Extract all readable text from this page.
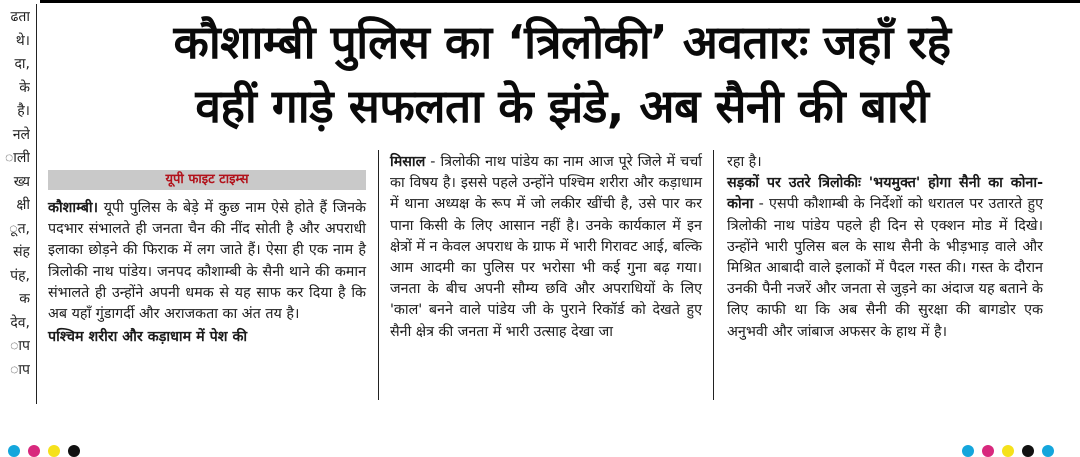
ढता
थे।
दा,
के
है।
नले
ाली
ख्य
क्षी
ूत,
संह
पंह,
क
देव,
ाप
ाप
कौशाम्बी पुलिस का ‘त्रिलोकी’ अवतारः जहाँ रहे
वहीं गाड़े सफलता के झंडे, अब सैनी की बारी
यूपी फाइट टाइम्स

कौशाम्बी। यूपी पुलिस के बेड़े में कुछ नाम ऐसे होते हैं जिनके पदभार संभालते ही जनता चैन की नींद सोती है और अपराधी इलाका छोड़ने की फिराक में लग जाते हैं। ऐसा ही एक नाम है त्रिलोकी नाथ पांडेय। जनपद कौशाम्बी के सैनी थाने की कमान संभालते ही उन्होंने अपनी धमक से यह साफ कर दिया है कि अब यहाँ गुंडागर्दी और अराजकता का अंत तय है।

पश्चिम शरीरा और कड़ाधाम में पेश की

मिसाल - त्रिलोकी नाथ पांडेय का नाम आज पूरे जिले में चर्चा का विषय है। इससे पहले उन्होंने पश्चिम शरीरा और कड़ाधाम में थाना अध्यक्ष के रूप में जो लकीर खींची है, उसे पार कर पाना किसी के लिए आसान नहीं है। उनके कार्यकाल में इन क्षेत्रों में न केवल अपराध के ग्राफ में भारी गिरावट आई, बल्कि आम आदमी का पुलिस पर भरोसा भी कई गुना बढ़ गया। जनता के बीच अपनी सौम्य छवि और अपराधियों के लिए 'काल' बनने वाले पांडेय जी के पुराने रिकॉर्ड को देखते हुए सैनी क्षेत्र की जनता में भारी उत्साह देखा जा

रहा है।

सड़कों पर उतरे त्रिलोकीः 'भयमुक्त' होगा सैनी का कोना-कोना - एसपी कौशाम्बी के निर्देशों को धरातल पर उतारते हुए त्रिलोकी नाथ पांडेय पहले ही दिन से एक्शन मोड में दिखे। उन्होंने भारी पुलिस बल के साथ सैनी के भीड़भाड़ वाले और मिश्रित आबादी वाले इलाकों में पैदल गस्त की। गस्त के दौरान उनकी पैनी नजरें और जनता से जुड़ने का अंदाज यह बताने के लिए काफी था कि अब सैनी की सुरक्षा की बागडोर एक अनुभवी और जांबाज अफसर के हाथ में है।
